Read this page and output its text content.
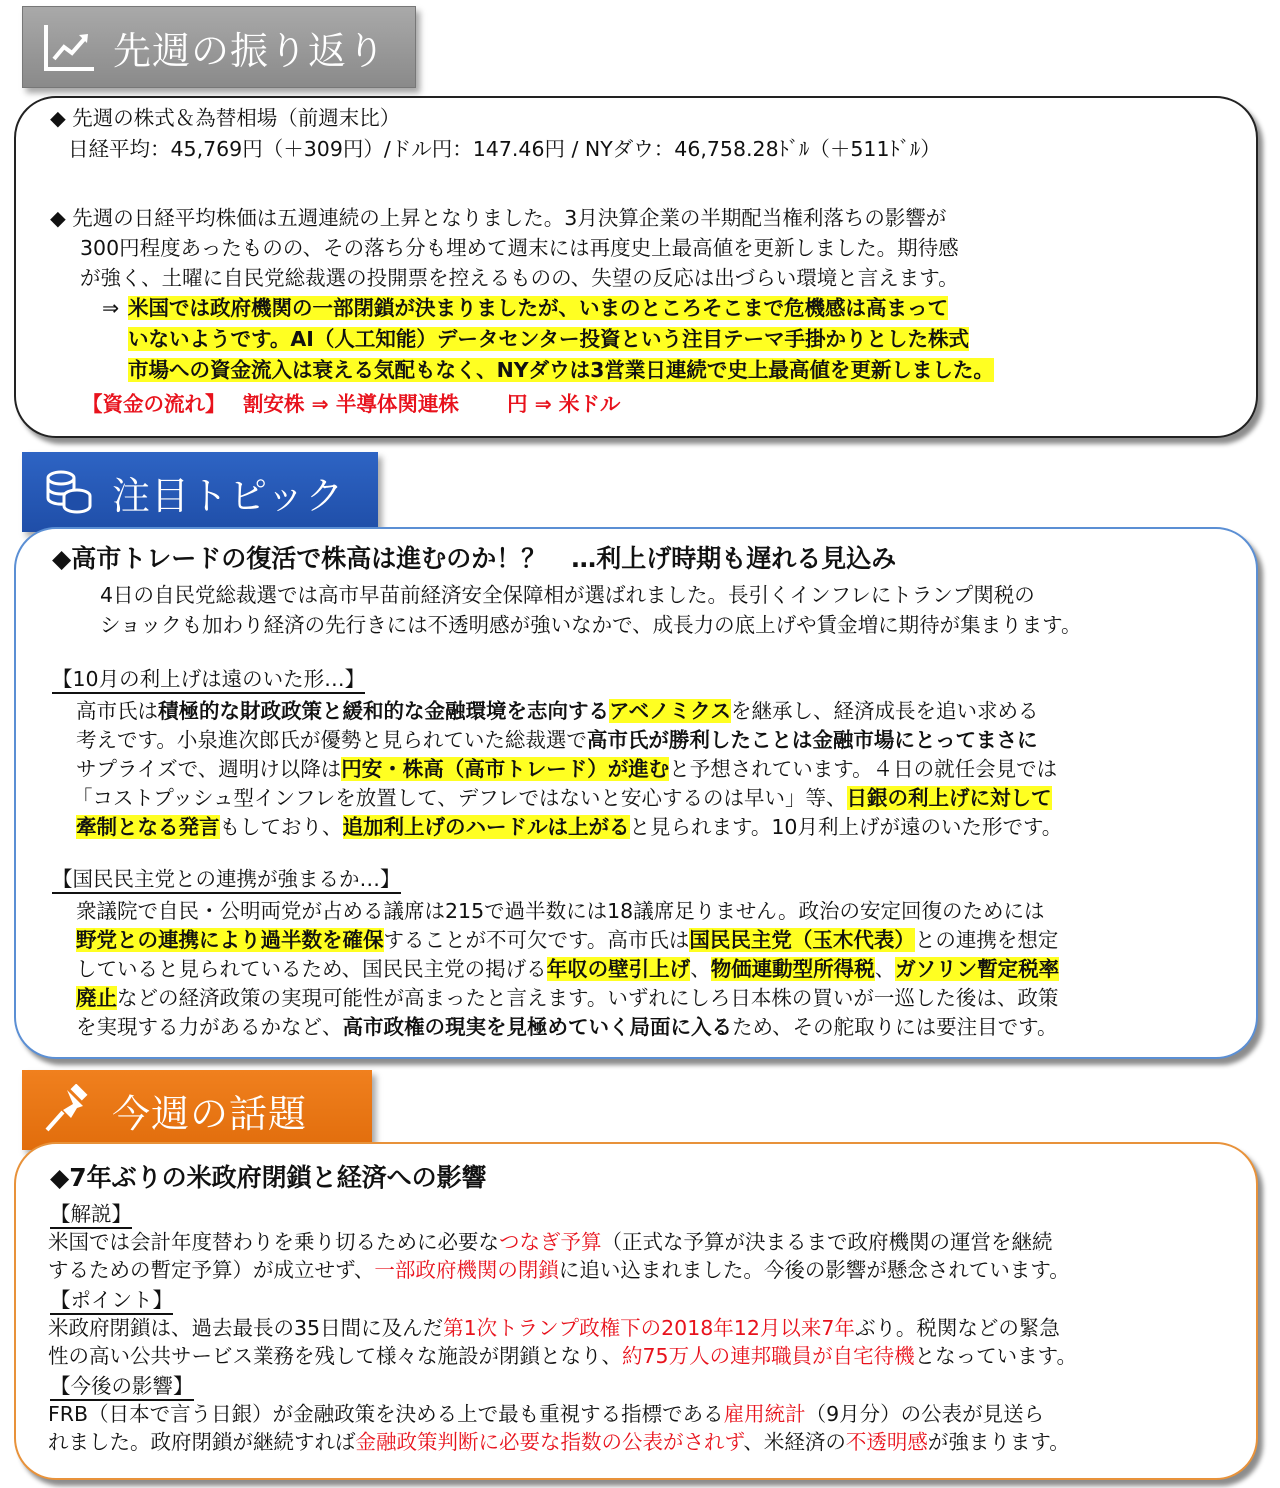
先週の振り返り
◆ 先週の株式＆為替相場（前週末比）
日経平均：45,769円（＋309円）/ドル円：147.46円 / NYダウ：46,758.28ﾄﾞﾙ（＋511ﾄﾞﾙ）
◆ 先週の日経平均株価は五週連続の上昇となりました。3月決算企業の半期配当権利落ちの影響が
300円程度あったものの、その落ち分も埋めて週末には再度史上最高値を更新しました。期待感
が強く、土曜に自民党総裁選の投開票を控えるものの、失望の反応は出づらい環境と言えます。
⇒ 米国では政府機関の一部閉鎖が決まりましたが、いまのところそこまで危機感は高まって
いないようです。AI（人工知能）データセンター投資という注目テーマ手掛かりとした株式
市場への資金流入は衰える気配もなく、NYダウは3営業日連続で史上最高値を更新しました。
【資金の流れ】　 割安株 ⇒ 半導体関連株　　 円 ⇒ 米ドル
注目トピック
◆高市トレードの復活で株高は進むのか！？　…利上げ時期も遅れる見込み
4日の自民党総裁選では高市早苗前経済安全保障相が選ばれました。長引くインフレにトランプ関税の
ショックも加わり経済の先行きには不透明感が強いなかで、成長力の底上げや賃金増に期待が集まります。
【10月の利上げは遠のいた形…】
高市氏は積極的な財政政策と緩和的な金融環境を志向するアベノミクスを継承し、経済成長を追い求める
考えです。小泉進次郎氏が優勢と見られていた総裁選で高市氏が勝利したことは金融市場にとってまさに
サプライズで、週明け以降は円安・株高（高市トレード）が進むと予想されています。４日の就任会見では
「コストプッシュ型インフレを放置して、デフレではないと安心するのは早い」等、日銀の利上げに対して
牽制となる発言もしており、追加利上げのハードルは上がると見られます。10月利上げが遠のいた形です。
【国民民主党との連携が強まるか…】
衆議院で自民・公明両党が占める議席は215で過半数には18議席足りません。政治の安定回復のためには
野党との連携により過半数を確保することが不可欠です。高市氏は国民民主党（玉木代表）との連携を想定
していると見られているため、国民民主党の掲げる年収の壁引上げ、物価連動型所得税、ガソリン暫定税率
廃止などの経済政策の実現可能性が高まったと言えます。いずれにしろ日本株の買いが一巡した後は、政策
を実現する力があるかなど、高市政権の現実を見極めていく局面に入るため、その舵取りには要注目です。
今週の話題
◆7年ぶりの米政府閉鎖と経済への影響
【解説】
米国では会計年度替わりを乗り切るために必要なつなぎ予算（正式な予算が決まるまで政府機関の運営を継続
するための暫定予算）が成立せず、一部政府機関の閉鎖に追い込まれました。今後の影響が懸念されています。
【ポイント】
米政府閉鎖は、過去最長の35日間に及んだ第1次トランプ政権下の2018年12月以来7年ぶり。税関などの緊急
性の高い公共サービス業務を残して様々な施設が閉鎖となり、約75万人の連邦職員が自宅待機となっています。
【今後の影響】
FRB（日本で言う日銀）が金融政策を決める上で最も重視する指標である雇用統計（9月分）の公表が見送ら
れました。政府閉鎖が継続すれば金融政策判断に必要な指数の公表がされず、米経済の不透明感が強まります。
